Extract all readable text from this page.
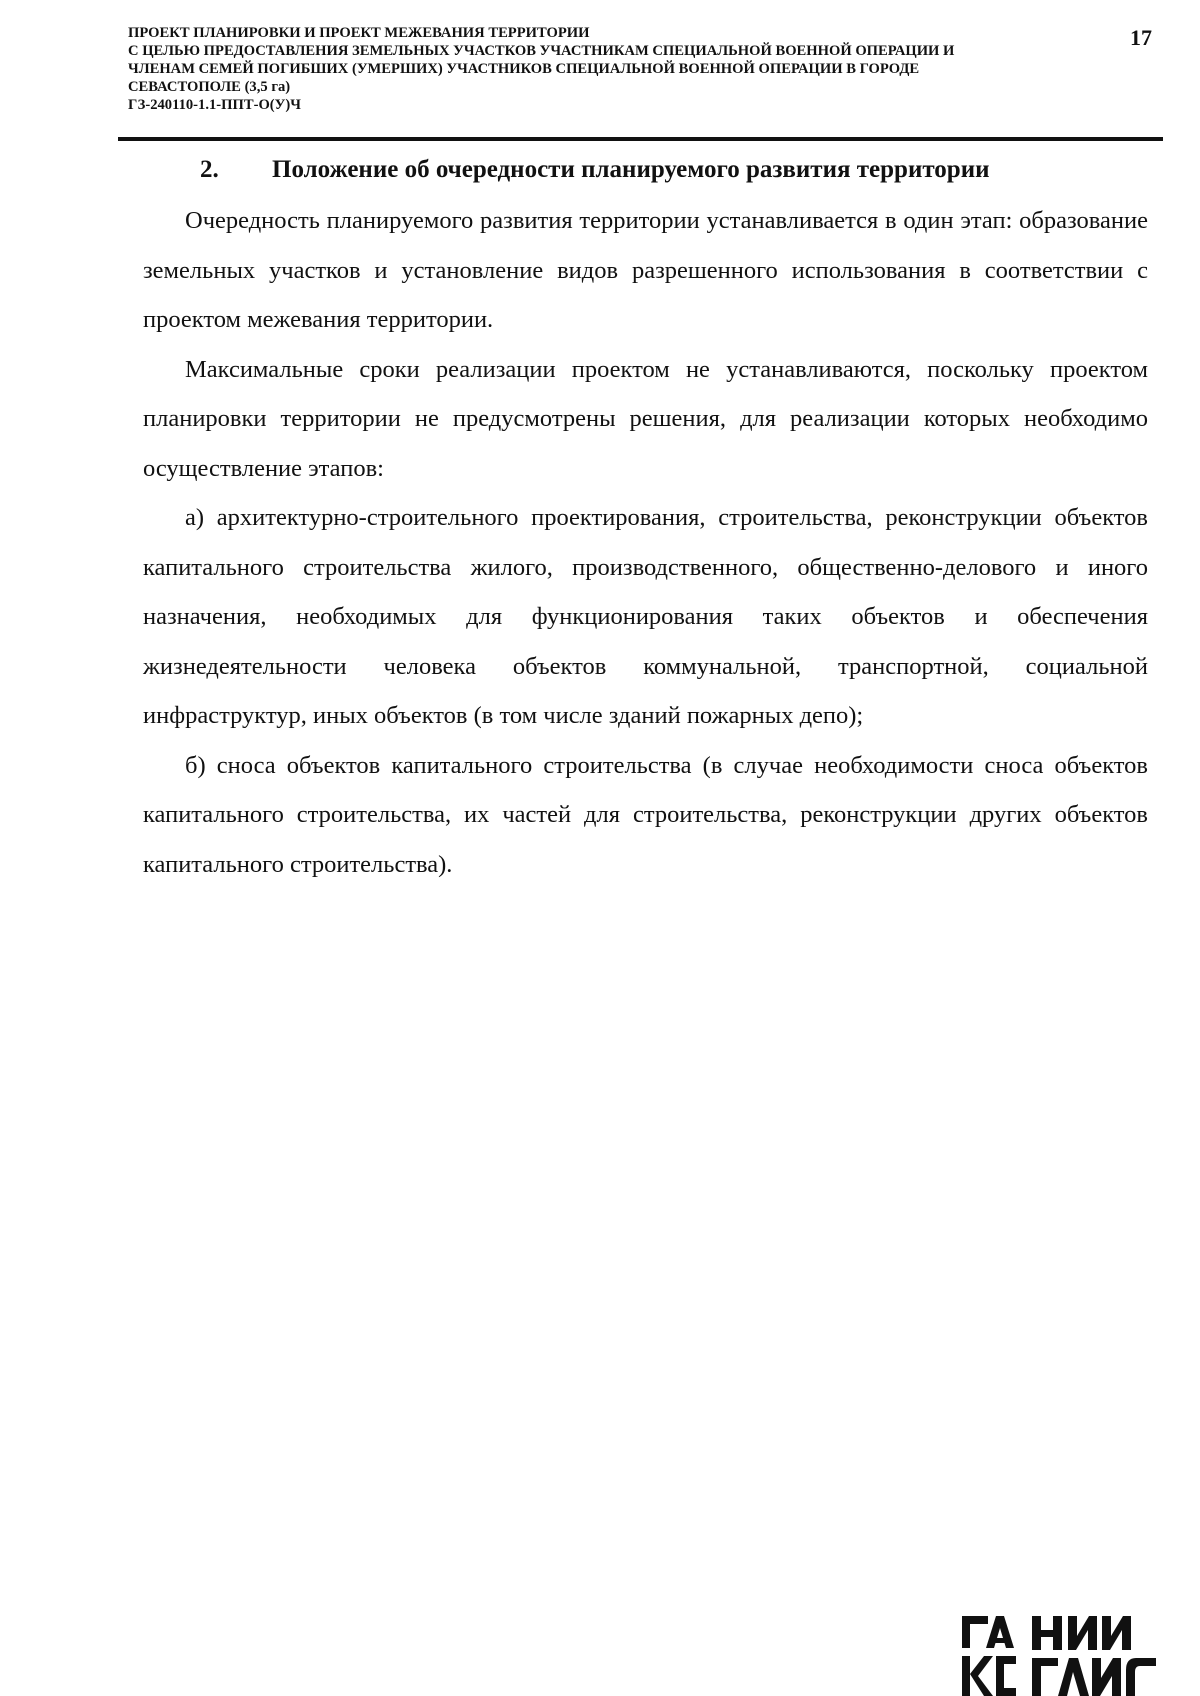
ПРОЕКТ ПЛАНИРОВКИ И ПРОЕКТ МЕЖЕВАНИЯ ТЕРРИТОРИИ
С ЦЕЛЬЮ ПРЕДОСТАВЛЕНИЯ ЗЕМЕЛЬНЫХ УЧАСТКОВ УЧАСТНИКАМ СПЕЦИАЛЬНОЙ ВОЕННОЙ ОПЕРАЦИИ И
ЧЛЕНАМ СЕМЕЙ ПОГИБШИХ (УМЕРШИХ) УЧАСТНИКОВ СПЕЦИАЛЬНОЙ ВОЕННОЙ ОПЕРАЦИИ В ГОРОДЕ
СЕВАСТОПОЛЕ (3,5 га)
ГЗ-240110-1.1-ППТ-О(У)Ч
17
2. Положение об очередности планируемого развития территории

Очередность планируемого развития территории устанавливается в один этап: образование земельных участков и установление видов разрешенного использования в соответствии с проектом межевания территории.

Максимальные сроки реализации проектом не устанавливаются, поскольку проектом планировки территории не предусмотрены решения, для реализации которых необходимо осуществление этапов:

а) архитектурно-строительного проектирования, строительства, реконструкции объектов капитального строительства жилого, производственного, общественно-делового и иного назначения, необходимых для функционирования таких объектов и обеспечения жизнедеятельности человека объектов коммунальной, транспортной, социальной инфраструктур, иных объектов (в том числе зданий пожарных депо);

б) сноса объектов капитального строительства (в случае необходимости сноса объектов капитального строительства, их частей для строительства, реконструкции других объектов капитального строительства).
